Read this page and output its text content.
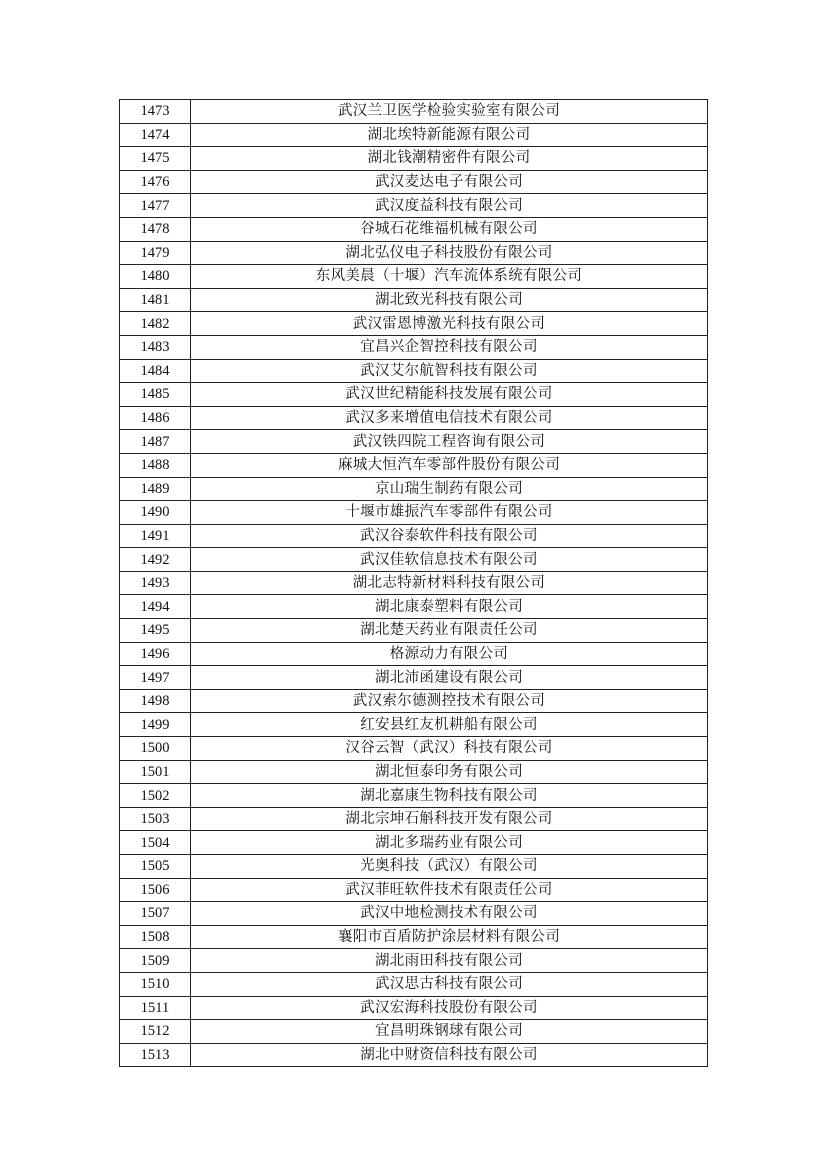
1473	武汉兰卫医学检验实验室有限公司
1474	湖北埃特新能源有限公司
1475	湖北钱潮精密件有限公司
1476	武汉麦达电子有限公司
1477	武汉度益科技有限公司
1478	谷城石花维福机械有限公司
1479	湖北弘仪电子科技股份有限公司
1480	东风美晨（十堰）汽车流体系统有限公司
1481	湖北致光科技有限公司
1482	武汉雷恩博激光科技有限公司
1483	宜昌兴企智控科技有限公司
1484	武汉艾尔航智科技有限公司
1485	武汉世纪精能科技发展有限公司
1486	武汉多来增值电信技术有限公司
1487	武汉铁四院工程咨询有限公司
1488	麻城大恒汽车零部件股份有限公司
1489	京山瑞生制药有限公司
1490	十堰市雄振汽车零部件有限公司
1491	武汉谷泰软件科技有限公司
1492	武汉佳软信息技术有限公司
1493	湖北志特新材料科技有限公司
1494	湖北康泰塑料有限公司
1495	湖北楚天药业有限责任公司
1496	格源动力有限公司
1497	湖北沛函建设有限公司
1498	武汉索尔德测控技术有限公司
1499	红安县红友机耕船有限公司
1500	汉谷云智（武汉）科技有限公司
1501	湖北恒泰印务有限公司
1502	湖北嘉康生物科技有限公司
1503	湖北宗坤石斛科技开发有限公司
1504	湖北多瑞药业有限公司
1505	光奥科技（武汉）有限公司
1506	武汉菲旺软件技术有限责任公司
1507	武汉中地检测技术有限公司
1508	襄阳市百盾防护涂层材料有限公司
1509	湖北雨田科技有限公司
1510	武汉思古科技有限公司
1511	武汉宏海科技股份有限公司
1512	宜昌明珠钢球有限公司
1513	湖北中财资信科技有限公司
